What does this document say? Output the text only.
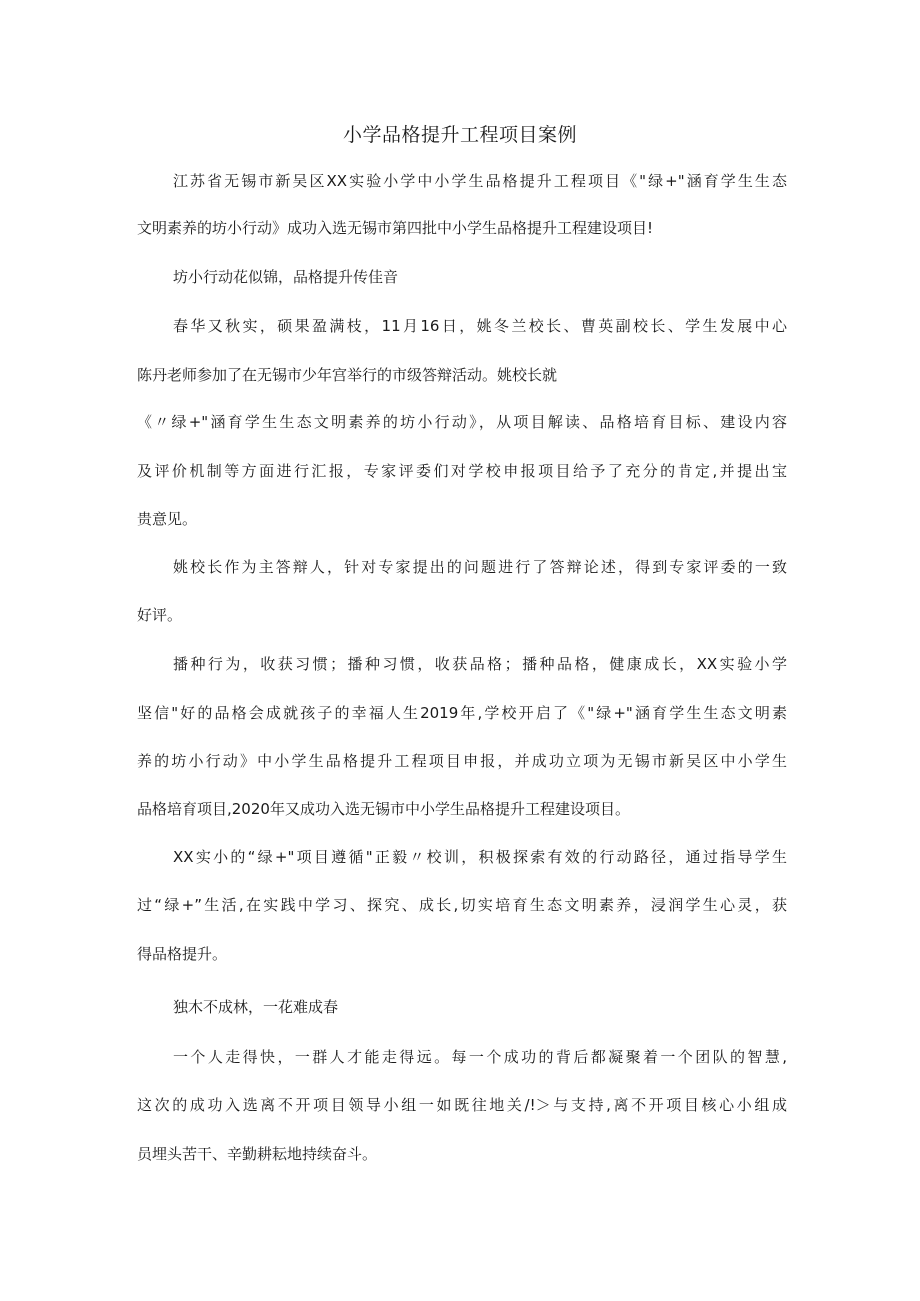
小学品格提升工程项目案例
江苏省无锡市新吴区XX实验小学中小学生品格提升工程项目《"绿+"涵育学生生态
文明素养的坊小行动》成功入选无锡市第四批中小学生品格提升工程建设项目!
坊小行动花似锦，品格提升传佳音
春华又秋实，硕果盈满枝，11月16日，姚冬兰校长、曹英副校长、学生发展中心
陈丹老师参加了在无锡市少年宫举行的市级答辩活动。姚校长就
《〃绿+"涵育学生生态文明素养的坊小行动》，从项目解读、品格培育目标、建设内容
及评价机制等方面进行汇报，专家评委们对学校申报项目给予了充分的肯定,并提出宝
贵意见。
姚校长作为主答辩人，针对专家提出的问题进行了答辩论述，得到专家评委的一致
好评。
播种行为，收获习惯；播种习惯，收获品格；播种品格，健康成长，XX实验小学
坚信"好的品格会成就孩子的幸福人生2019年,学校开启了《"绿+"涵育学生生态文明素
养的坊小行动》中小学生品格提升工程项目申报，并成功立项为无锡市新吴区中小学生
品格培育项目,2020年又成功入选无锡市中小学生品格提升工程建设项目。
XX实小的“绿+"项目遵循"正毅〃校训，积极探索有效的行动路径，通过指导学生
过“绿+”生活,在实践中学习、探究、成长,切实培育生态文明素养，浸润学生心灵，获
得品格提升。
独木不成林，一花难成春
一个人走得快，一群人才能走得远。每一个成功的背后都凝聚着一个团队的智慧,
这次的成功入选离不开项目领导小组一如既往地关/!＞与支持,离不开项目核心小组成
员埋头苦干、辛勤耕耘地持续奋斗。
